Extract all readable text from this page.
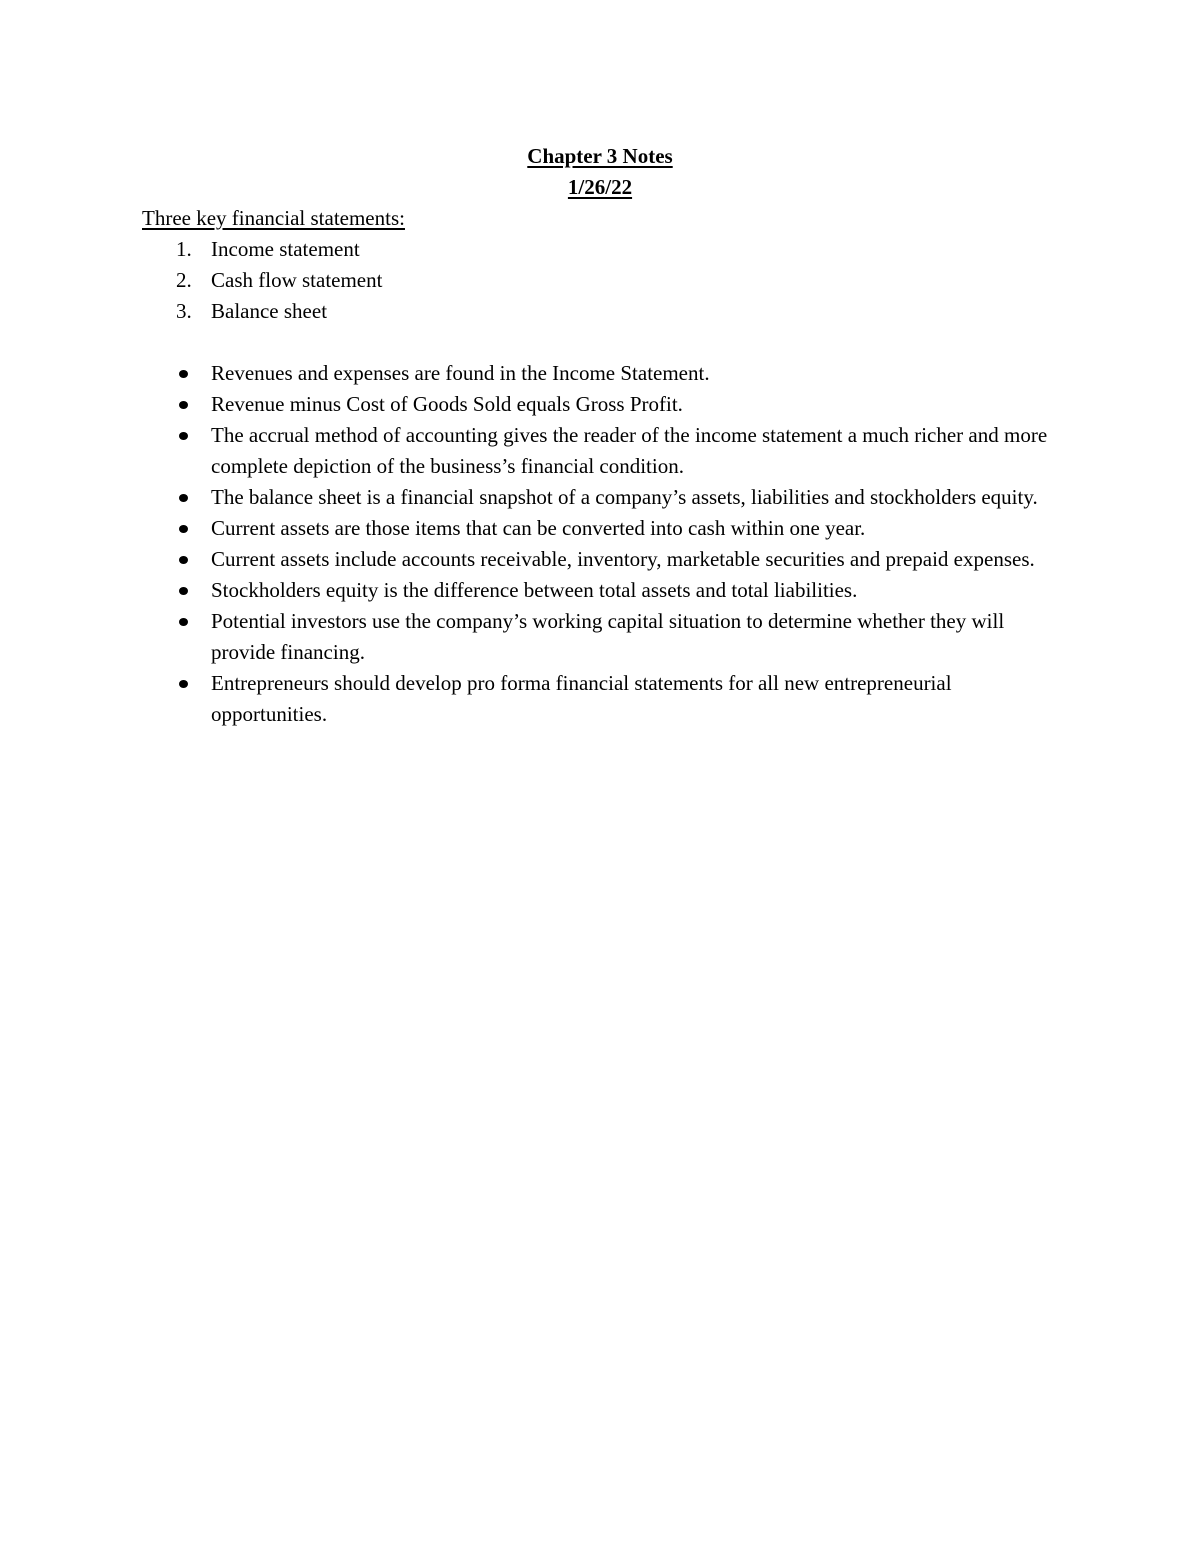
Chapter 3 Notes

1/26/22

Three key financial statements:

1. Income statement
2. Cash flow statement
3. Balance sheet
Revenues and expenses are found in the Income Statement.
Revenue minus Cost of Goods Sold equals Gross Profit.
The accrual method of accounting gives the reader of the income statement a much richer and more complete depiction of the business’s financial condition.
The balance sheet is a financial snapshot of a company’s assets, liabilities and stockholders equity.
Current assets are those items that can be converted into cash within one year.
Current assets include accounts receivable, inventory, marketable securities and prepaid expenses.
Stockholders equity is the difference between total assets and total liabilities.
Potential investors use the company’s working capital situation to determine whether they will provide financing.
Entrepreneurs should develop pro forma financial statements for all new entrepreneurial opportunities.
